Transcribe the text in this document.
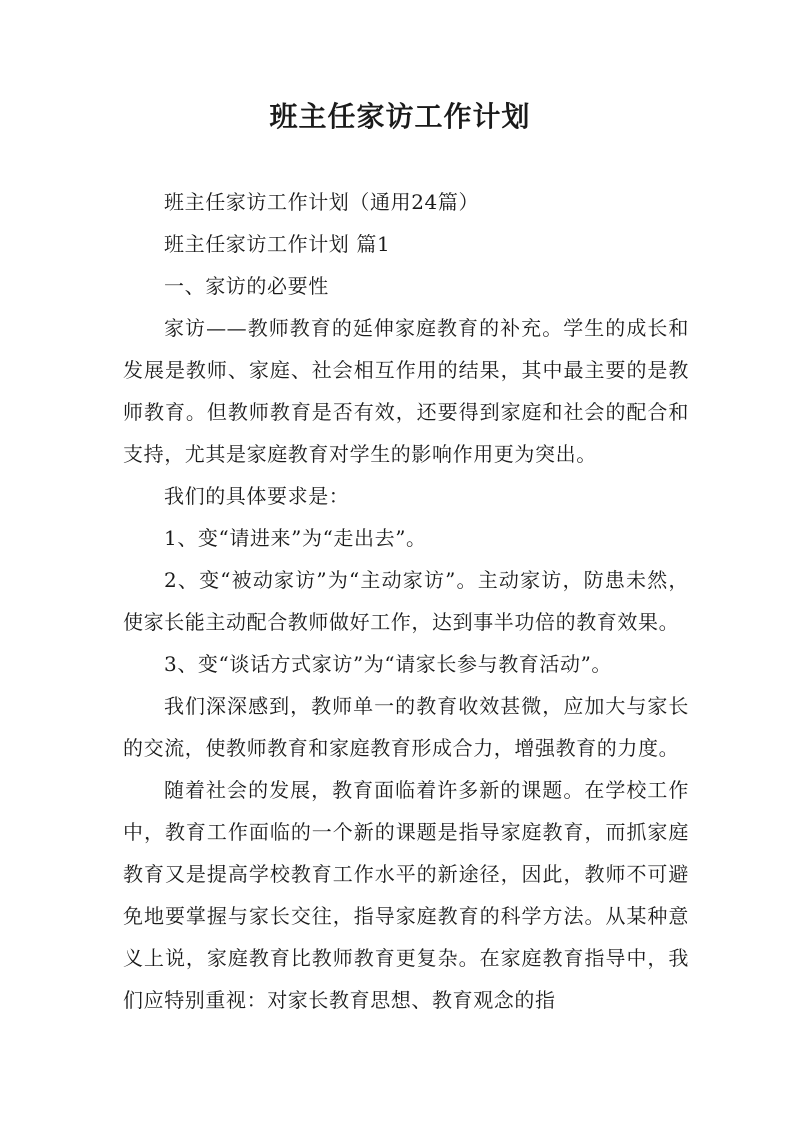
班主任家访工作计划

班主任家访工作计划（通用24篇）

班主任家访工作计划 篇1

一、家访的必要性

家访——教师教育的延伸家庭教育的补充。学生的成长和发展是教师、家庭、社会相互作用的结果，其中最主要的是教师教育。但教师教育是否有效，还要得到家庭和社会的配合和支持，尤其是家庭教育对学生的影响作用更为突出。

我们的具体要求是：

1、变“请进来”为“走出去”。

2、变“被动家访”为“主动家访”。主动家访，防患未然，使家长能主动配合教师做好工作，达到事半功倍的教育效果。

3、变“谈话方式家访”为“请家长参与教育活动”。

我们深深感到，教师单一的教育收效甚微，应加大与家长的交流，使教师教育和家庭教育形成合力，增强教育的力度。

随着社会的发展，教育面临着许多新的课题。在学校工作中，教育工作面临的一个新的课题是指导家庭教育，而抓家庭教育又是提高学校教育工作水平的新途径，因此，教师不可避免地要掌握与家长交往，指导家庭教育的科学方法。从某种意义上说，家庭教育比教师教育更复杂。在家庭教育指导中，我们应特别重视：对家长教育思想、教育观念的指
